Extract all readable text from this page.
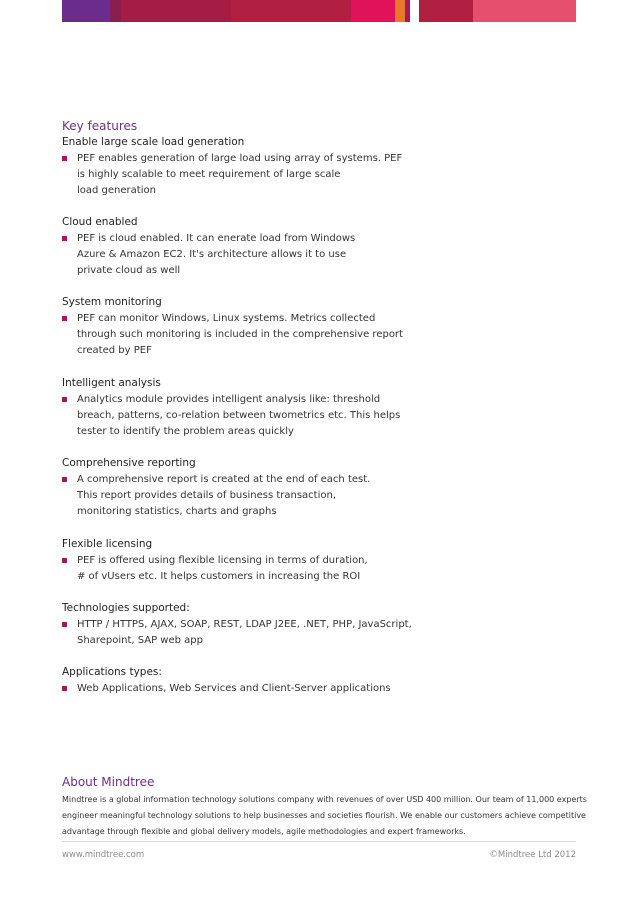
Key features
Enable large scale load generation
PEF enables generation of large load using array of systems. PEF
is highly scalable to meet requirement of large scale
load generation
Cloud enabled
PEF is cloud enabled. It can enerate load from Windows
Azure & Amazon EC2. It's architecture allows it to use
private cloud as well
System monitoring
PEF can monitor Windows, Linux systems. Metrics collected
through such monitoring is included in the comprehensive report
created by PEF
Intelligent analysis
Analytics module provides intelligent analysis like: threshold
breach, patterns, co-relation between twometrics etc. This helps
tester to identify the problem areas quickly
Comprehensive reporting
A comprehensive report is created at the end of each test.
This report provides details of business transaction,
monitoring statistics, charts and graphs
Flexible licensing
PEF is offered using flexible licensing in terms of duration,
# of vUsers etc. It helps customers in increasing the ROI
Technologies supported:
HTTP / HTTPS, AJAX, SOAP, REST, LDAP J2EE, .NET, PHP, JavaScript,
Sharepoint, SAP web app
Applications types:
Web Applications, Web Services and Client-Server applications
About Mindtree
Mindtree is a global information technology solutions company with revenues of over USD 400 million. Our team of 11,000 experts
engineer meaningful technology solutions to help businesses and societies flourish. We enable our customers achieve competitive
advantage through flexible and global delivery models, agile methodologies and expert frameworks.
www.mindtree.com	©Mindtree Ltd 2012
